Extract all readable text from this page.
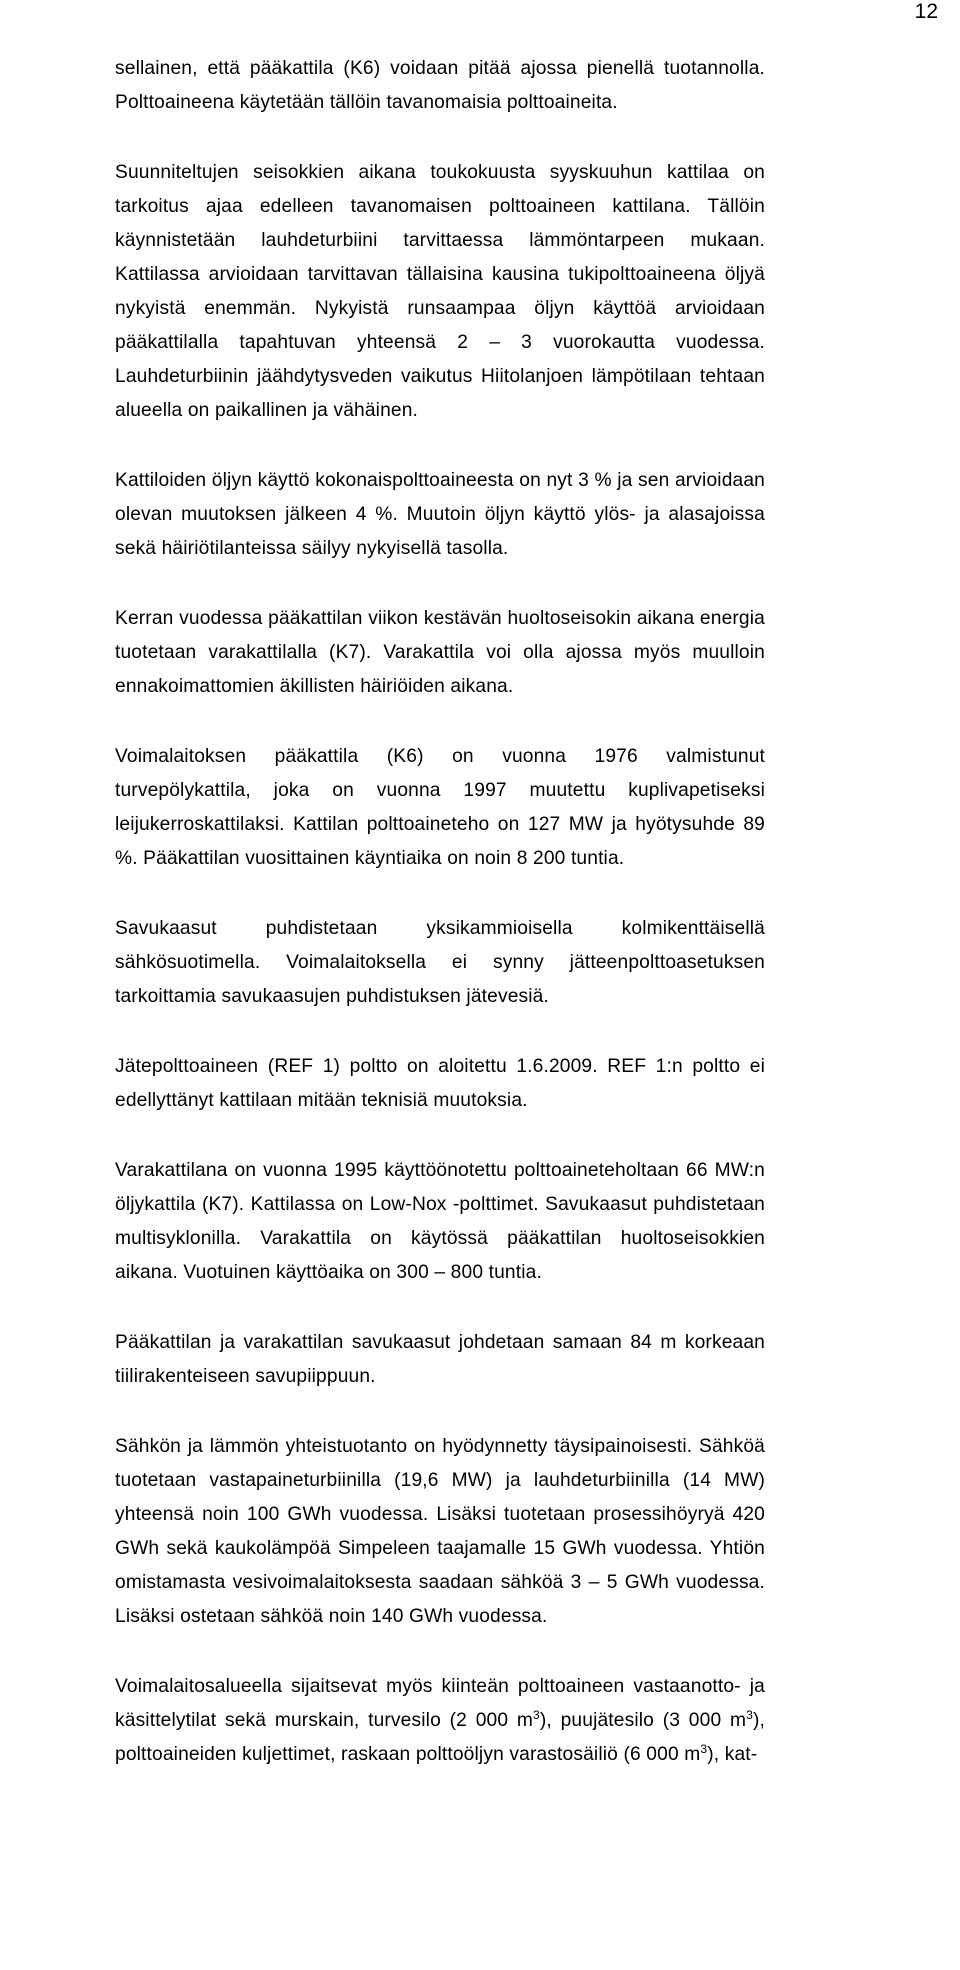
12

sellainen, että pääkattila (K6) voidaan pitää ajossa pienellä tuotannolla. Polttoaineena käytetään tällöin tavanomaisia polttoaineita.

Suunniteltujen seisokkien aikana toukokuusta syyskuuhun kattilaa on tarkoitus ajaa edelleen tavanomaisen polttoaineen kattilana. Tällöin käynnistetään lauhdeturbiini tarvittaessa lämmöntarpeen mukaan. Kattilassa arvioidaan tarvittavan tällaisina kausina tukipolttoaineena öljyä nykyistä enemmän. Nykyistä runsaampaa öljyn käyttöä arvioidaan pääkattilalla tapahtuvan yhteensä 2 – 3 vuorokautta vuodessa. Lauhdeturbiinin jäähdytysveden vaikutus Hiitolanjoen lämpötilaan tehtaan alueella on paikallinen ja vähäinen.

Kattiloiden öljyn käyttö kokonaispolttoaineesta on nyt 3 % ja sen arvioidaan olevan muutoksen jälkeen 4 %. Muutoin öljyn käyttö ylös- ja alasajoissa sekä häiriötilanteissa säilyy nykyisellä tasolla.

Kerran vuodessa pääkattilan viikon kestävän huoltoseisokin aikana energia tuotetaan varakattilalla (K7). Varakattila voi olla ajossa myös muulloin ennakoimattomien äkillisten häiriöiden aikana.

Voimalaitoksen pääkattila (K6) on vuonna 1976 valmistunut turvepölykattila, joka on vuonna 1997 muutettu kuplivapetiseksi leijukerroskattilaksi. Kattilan polttoaineteho on 127 MW ja hyötysuhde 89 %. Pääkattilan vuosittainen käyntiaika on noin 8 200 tuntia.

Savukaasut puhdistetaan yksikammioisella kolmikenttäisellä sähkösuotimella. Voimalaitoksella ei synny jätteenpolttoasetuksen tarkoittamia savukaasujen puhdistuksen jätevesiä.

Jätepolttoaineen (REF 1) poltto on aloitettu 1.6.2009. REF 1:n poltto ei edellyttänyt kattilaan mitään teknisiä muutoksia.

Varakattilana on vuonna 1995 käyttöönotettu polttoaineteholtaan 66 MW:n öljykattila (K7). Kattilassa on Low-Nox -polttimet. Savukaasut puhdistetaan multisyklonilla. Varakattila on käytössä pääkattilan huoltoseisokkien aikana. Vuotuinen käyttöaika on 300 – 800 tuntia.

Pääkattilan ja varakattilan savukaasut johdetaan samaan 84 m korkeaan tiilirakenteiseen savupiippuun.

Sähkön ja lämmön yhteistuotanto on hyödynnetty täysipainoisesti. Sähköä tuotetaan vastapaineturbiinilla (19,6 MW) ja lauhdeturbiinilla (14 MW) yhteensä noin 100 GWh vuodessa. Lisäksi tuotetaan prosessihöyryä 420 GWh sekä kaukolämpöä Simpeleen taajamalle 15 GWh vuodessa. Yhtiön omistamasta vesivoimalaitoksesta saadaan sähköä 3 – 5 GWh vuodessa. Lisäksi ostetaan sähköä noin 140 GWh vuodessa.

Voimalaitosalueella sijaitsevat myös kiinteän polttoaineen vastaanotto- ja käsittelytilat sekä murskain, turvesilo (2 000 $m^3$), puujätesilo (3 000 $m^3$), polttoaineiden kuljettimet, raskaan polttoöljyn varastosäiliö (6 000 $m^3$), kat-
